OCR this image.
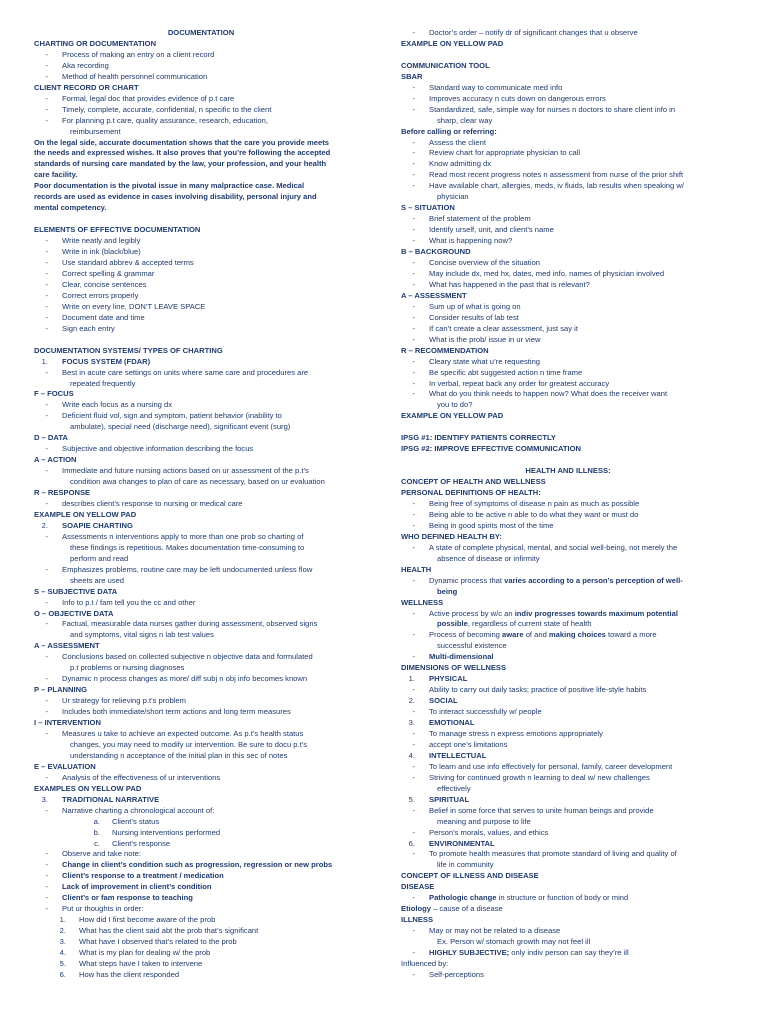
DOCUMENTATION
CHARTING OR DOCUMENTATION
- Process of making an entry on a client record
- Aka recording
- Method of health personnel communication
CLIENT RECORD OR CHART
- Formal, legal doc that provides evidence of p.t care
- Timely, complete, accurate, confidential, n specific to the client
- For planning p.t care, quality assurance, research, education,
reimbursement
On the legal side, accurate documentation shows that the care you provide meets
the needs and expressed wishes. It also proves that you’re following the accepted
standards of nursing care mandated by the law, your profession, and your health
care facility.
Poor documentation is the pivotal issue in many malpractice case. Medical
records are used as evidence in cases involving disability, personal injury and
mental competency.

ELEMENTS OF EFFECTIVE DOCUMENTATION
- Write neatly and legibly
- Write in ink (black/blue)
- Use standard abbrev & accepted terms
- Correct spelling & grammar
- Clear, concise sentences
- Correct errors properly
- Write on every line, DON’T LEAVE SPACE
- Document date and time
- Sign each entry

DOCUMENTATION SYSTEMS/ TYPES OF CHARTING
1. FOCUS SYSTEM (FDAR)
- Best in acute care settings on units where same care and procedures are
repeated frequently
F – FOCUS
- Write each focus as a nursing dx
- Deficient fluid vol, sign and symptom, patient behavior (inability to
ambulate), special need (discharge need), significant event (surg)
D – DATA
- Subjective and objective information describing the focus
A – ACTION
- Immediate and future nursing actions based on ur assessment of the p.t’s
condition awa changes to plan of care as necessary, based on ur evaluation
R – RESPONSE
- describes client’s response to nursing or medical care
EXAMPLE ON YELLOW PAD
2. SOAPIE CHARTING
- Assessments n interventions apply to more than one prob so charting of
these findings is repetitious. Makes documentation time-consuming to
perform and read
- Emphasizes problems, routine care may be left undocumented unless flow
sheets are used
S – SUBJECTIVE DATA
- Info to p.t / fam tell you the cc and other
O – OBJECTIVE DATA
- Factual, measurable data nurses gather during assessment, observed signs
and symptoms, vital signs n lab test values
A – ASSESSMENT
- Conclusions based on collected subjective n objective data and formulated
p.t problems or nursing diagnoses
- Dynamic n process changes as more/ diff subj n obj info becomes known
P – PLANNING
- Ur strategy for relieving p.t’s problem
- Includes both immediate/short term actions and long term measures
I – INTERVENTION
- Measures u take to achieve an expected outcome. As p.t’s health status
changes, you may need to modify ur intervention. Be sure to docu p.t’s
understanding n acceptance of the initial plan in this sec of notes
E – EVALUATION
- Analysis of the effectiveness of ur interventions
EXAMPLES ON YELLOW PAD
3. TRADITIONAL NARRATIVE
- Narrative charting a chronological account of:
a. Client’s status
b. Nursing interventions performed
c. Client’s response
- Observe and take note:
- Change in client’s condition such as progression, regression or new probs
- Client’s response to a treatment / medication
- Lack of improvement in client’s condition
- Client’s or fam response to teaching
- Put ur thoughts in order:
1. How did I first become aware of the prob
2. What has the client said abt the prob that’s significant
3. What have I observed that’s related to the prob
4. What is my plan for dealing w/ the prob
5. What steps have I taken to intervene
6. How has the client responded
- Doctor’s order – notify dr of significant changes that u observe
EXAMPLE ON YELLOW PAD

COMMUNICATION TOOL
SBAR
- Standard way to communicate med info
- Improves accuracy n cuts down on dangerous errors
- Standardized, safe, simple way for nurses n doctors to share client info in
sharp, clear way
Before calling or referring:
- Assess the client
- Review chart for appropriate physician to call
- Know admitting dx
- Read most recent progress notes n assessment from nurse of the prior shift
- Have available chart, allergies, meds, iv fluids, lab results when speaking w/
physician
S – SITUATION
- Brief statement of the problem
- Identify urself, unit, and client’s name
- What is happening now?
B – BACKGROUND
- Concise overview of the situation
- May include dx, med hx, dates, med info, names of physician involved
- What has happened in the past that is relevant?
A – ASSESSMENT
- Sum up of what is going on
- Consider results of lab test
- If can’t create a clear assessment, just say it
- What is the prob/ issue in ur view
R – RECOMMENDATION
- Cleary state what u’re requesting
- Be specific abt suggested action n time frame
- In verbal, repeat back any order for greatest accuracy
- What do you think needs to happen now? What does the receiver want
you to do?
EXAMPLE ON YELLOW PAD

IPSG #1: IDENTIFY PATIENTS CORRECTLY
IPSG #2: IMPROVE EFFECTIVE COMMUNICATION

HEALTH AND ILLNESS:
CONCEPT OF HEALTH AND WELLNESS
PERSONAL DEFINITIONS OF HEALTH:
- Being free of symptoms of disease n pain as much as possible
- Being able to be active n able to do what they want or must do
- Being in good spirits most of the time
WHO DEFINED HEALTH BY:
- A state of complete physical, mental, and social well-being, not merely the
absence of disease or infirmity
HEALTH
- Dynamic process that varies according to a person’s perception of well-
being
WELLNESS
- Active process by w/c an indiv progresses towards maximum potential
possible, regardless of current state of health
- Process of becoming aware of and making choices toward a more
successful existence
- Multi-dimensional
DIMENSIONS OF WELLNESS
1. PHYSICAL
- Ability to carry out daily tasks; practice of positive life-style habits
2. SOCIAL
- To interact successfully w/ people
3. EMOTIONAL
- To manage stress n express emotions appropriately
- accept one’s limitations
4. INTELLECTUAL
- To learn and use info effectively for personal, family, career development
- Striving for continued growth n learning to deal w/ new challenges
effectively
5. SPIRITUAL
- Belief in some force that serves to unite human beings and provide
meaning and purpose to life
- Person’s morals, values, and ethics
6. ENVIRONMENTAL
- To promote health measures that promote standard of living and quality of
life in community
CONCEPT OF ILLNESS AND DISEASE
DISEASE
- Pathologic change in structure or function of body or mind
Etiology – cause of a disease
ILLNESS
- May or may not be related to a disease
Ex. Person w/ stomach growth may not feel ill
- HIGHLY SUBJECTIVE; only indiv person can say they’re ill
Influenced by:
- Self-perceptions
